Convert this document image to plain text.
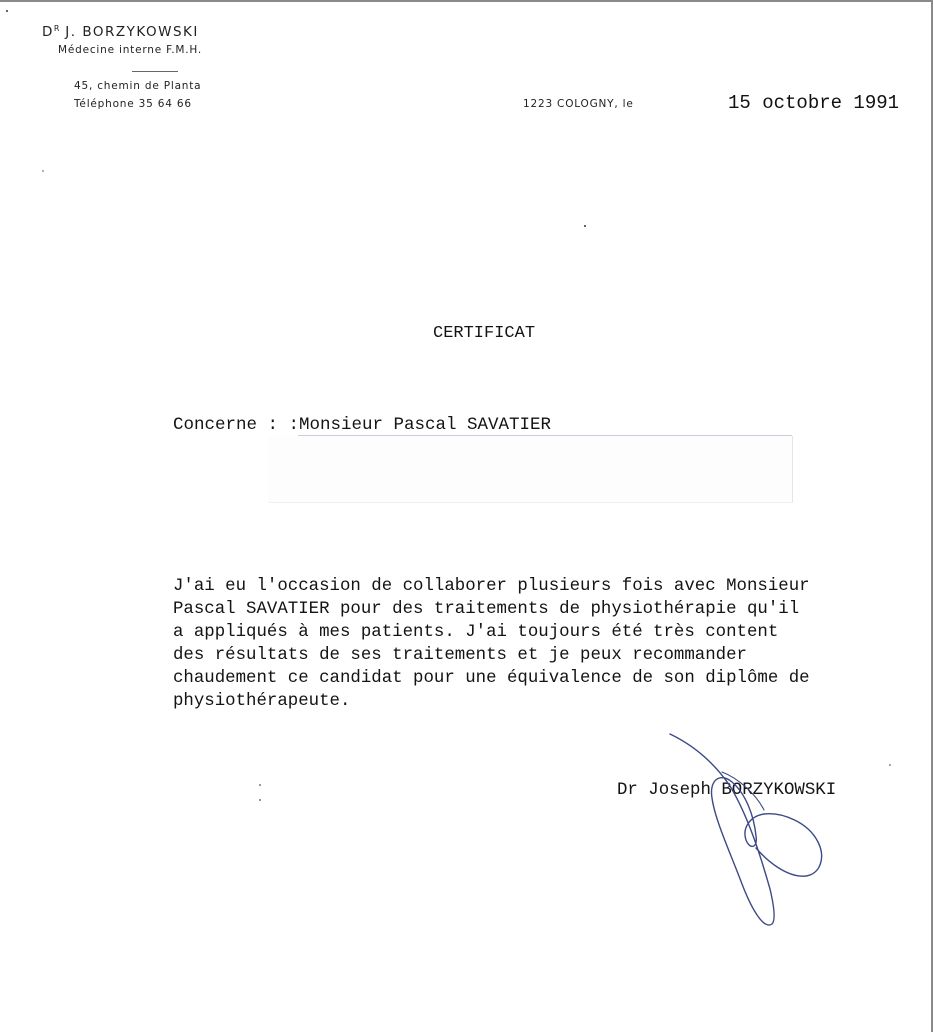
$D^R$ J. BORZYKOWSKI
Médecine interne F.M.H.
45, chemin de Planta
Téléphone 35 64 66	1223 COLOGNY, le	15 octobre 1991
CERTIFICAT
Concerne : :Monsieur Pascal SAVATIER
J'ai eu l'occasion de collaborer plusieurs fois avec Monsieur
Pascal SAVATIER pour des traitements de physiothérapie qu'il
a appliqués à mes patients. J'ai toujours été très content
des résultats de ses traitements et je peux recommander
chaudement ce candidat pour une équivalence de son diplôme de
physiothérapeute.
Dr Joseph BORZYKOWSKI
